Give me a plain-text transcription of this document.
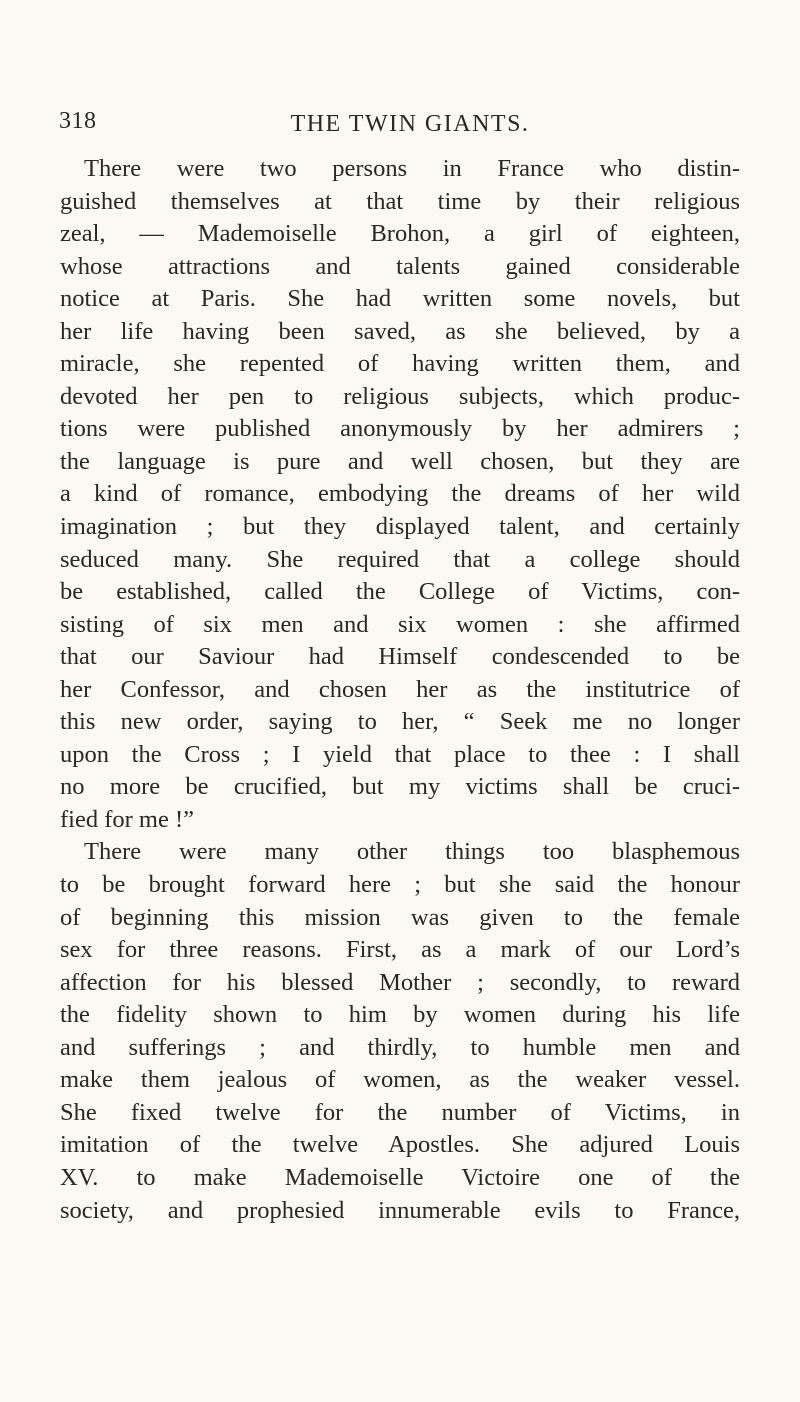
318	THE TWIN GIANTS.
There were two persons in France who distin-
guished themselves at that time by their religious
zeal, — Mademoiselle Brohon, a girl of eighteen,
whose attractions and talents gained considerable
notice at Paris. She had written some novels, but
her life having been saved, as she believed, by a
miracle, she repented of having written them, and
devoted her pen to religious subjects, which produc-
tions were published anonymously by her admirers ;
the language is pure and well chosen, but they are
a kind of romance, embodying the dreams of her wild
imagination ; but they displayed talent, and certainly
seduced many. She required that a college should
be established, called the College of Victims, con-
sisting of six men and six women : she affirmed
that our Saviour had Himself condescended to be
her Confessor, and chosen her as the institutrice of
this new order, saying to her, “ Seek me no longer
upon the Cross ; I yield that place to thee : I shall
no more be crucified, but my victims shall be cruci-
fied for me !”
There were many other things too blasphemous
to be brought forward here ; but she said the honour
of beginning this mission was given to the female
sex for three reasons. First, as a mark of our Lord’s
affection for his blessed Mother ; secondly, to reward
the fidelity shown to him by women during his life
and sufferings ; and thirdly, to humble men and
make them jealous of women, as the weaker vessel.
She fixed twelve for the number of Victims, in
imitation of the twelve Apostles. She adjured Louis
XV. to make Mademoiselle Victoire one of the
society, and prophesied innumerable evils to France,
